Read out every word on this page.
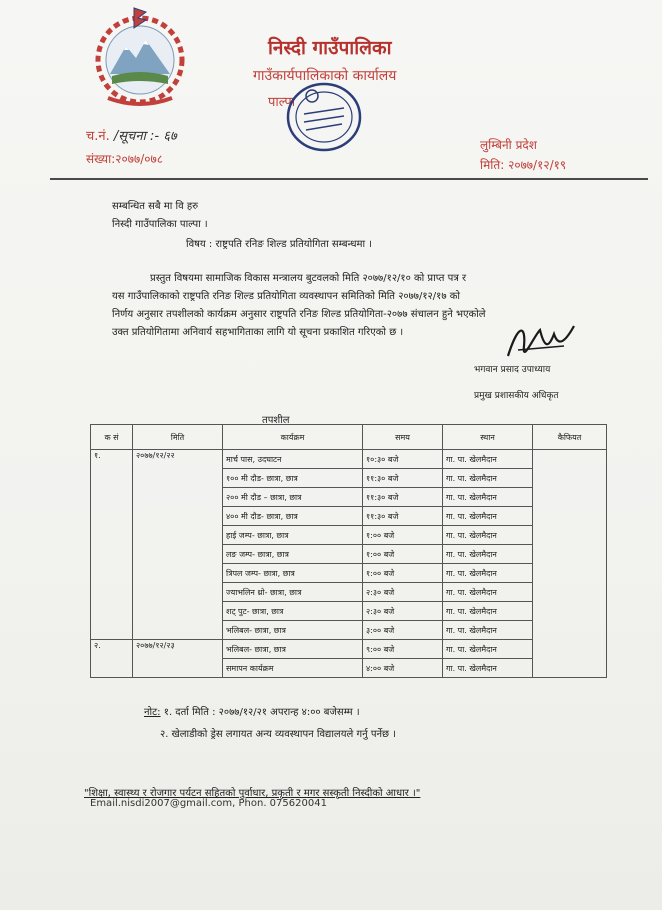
निस्दी गाउँपालिका
गाउँकार्यपालिकाको कार्यालय
पाल्पा
च.नं. /सूचना :- ६७
संख्या:२०७७/०७८
लुम्बिनी प्रदेश
मिति: २०७७/१२/१९
सम्बन्धित सबै मा वि हरु
निस्दी गाउँपालिका पाल्पा ।
विषय : राष्ट्रपति रनिङ शिल्ड प्रतियोगिता सम्बन्धमा ।
प्रस्तुत विषयमा सामाजिक विकास मन्त्रालय बुटवलको मिति २०७७/१२/१० को प्राप्त पत्र र
यस गाउँपालिकाको राष्ट्रपति रनिङ शिल्ड प्रतियोगिता व्यवस्थापन समितिको मिति २०७७/१२/१७ को
निर्णय अनुसार तपशीलको कार्यक्रम अनुसार राष्ट्रपति रनिङ शिल्ड प्रतियोगिता-२०७७ संचालन हुने भएकोले
उक्त प्रतियोगितामा अनिवार्य सहभागिताका लागि यो सूचना प्रकाशित गरिएको छ ।
भगवान प्रसाद उपाध्याय
प्रमुख प्रशासकीय अधिकृत
तपशील
क सं	मिति	कार्यक्रम	समय	स्थान	कैफियत
१.	२०७७/१२/२२	मार्च पास, उदघाटन	१०:३० बजे	गा. पा. खेलमैदान	
		१०० मी दौड- छात्रा, छात्र	११:३० बजे	गा. पा. खेलमैदान	
		२०० मी दौड – छात्रा, छात्र	११:३० बजे	गा. पा. खेलमैदान	
		४०० मी दौड- छात्रा, छात्र	११:३० बजे	गा. पा. खेलमैदान	
		हाई जम्प- छात्रा, छात्र	१:०० बजे	गा. पा. खेलमैदान	
		लङ जम्प- छात्रा, छात्र	१:०० बजे	गा. पा. खेलमैदान	
		त्रिपल जम्प- छात्रा, छात्र	१:०० बजे	गा. पा. खेलमैदान	
		ज्याभलिन थ्रो- छात्रा, छात्र	२:३० बजे	गा. पा. खेलमैदान	
		शट् पुट- छात्रा, छात्र	२:३० बजे	गा. पा. खेलमैदान	
		भलिबल- छात्रा, छात्र	३:०० बजे	गा. पा. खेलमैदान	
२.	२०७७/१२/२३	भलिबल- छात्रा, छात्र	९:०० बजे	गा. पा. खेलमैदान	
		समापन कार्यक्रम	४:०० बजे	गा. पा. खेलमैदान	
नोट: १. दर्ता मिति : २०७७/१२/२१ अपरान्ह ४:०० बजेसम्म ।
२. खेलाडीको ड्रेस लगायत अन्य व्यवस्थापन विद्यालयले गर्नु पर्नेछ ।
"शिक्षा, स्वास्थ्य र रोजगार पर्यटन सहितको पुर्वाधार, प्रकृती र मगर सस्कृती निस्दीको आधार ।"
Email.nisdi2007@gmail.com, Phon. 075620041
